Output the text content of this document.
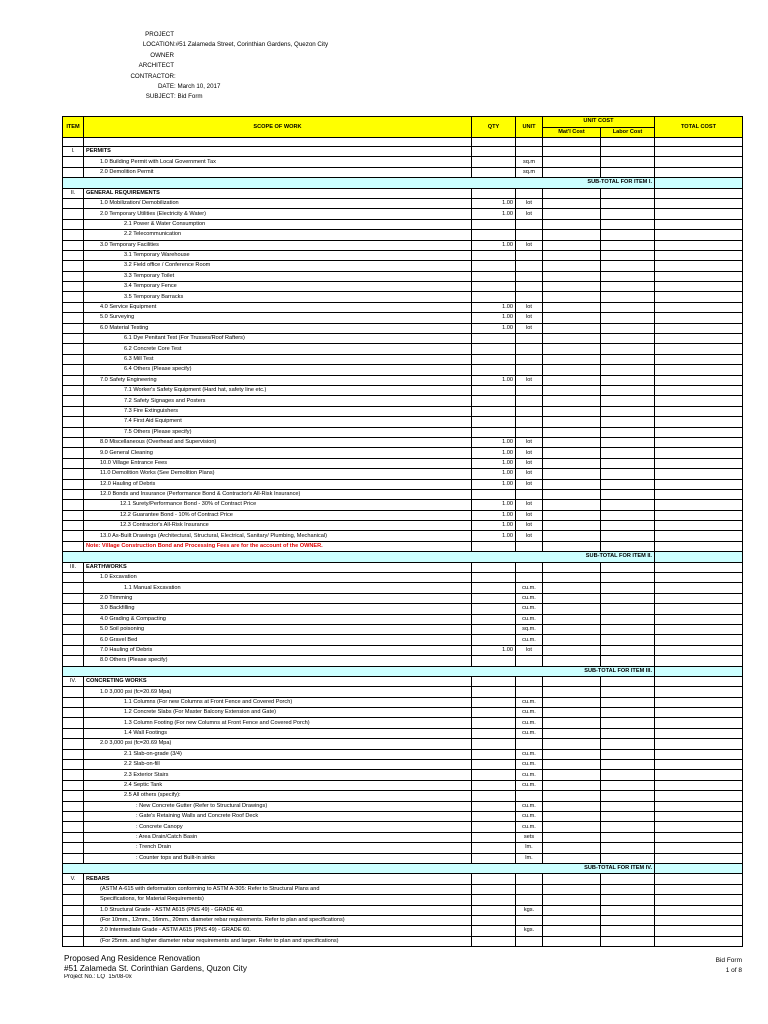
PROJECT
LOCATION :#51 Zalameda Street, Corinthian Gardens, Quezon City
OWNER
ARCHITECT
CONTRACTOR :
DATE : March 10, 2017
SUBJECT : Bid Form
ITEM	SCOPE OF WORK	QTY	UNIT	UNIT COST		TOTAL COST
				Mat'l Cost	Labor Cost	

I.	PERMITS					
	1.0 Building Permit with Local Government Tax		sq.m			
	2.0 Demolition Permit		sq.m			
SUB-TOTAL FOR ITEM I.						
II.	GENERAL REQUIREMENTS					
	1.0 Mobilization/ Demobilization	1.00	lot			
	2.0 Temporary Utilities (Electricity & Water)	1.00	lot			
	2.1 Power & Water Consumption					
	2.2 Telecommunication					
	3.0 Temporary Facilities	1.00	lot			
	3.1 Temporary Warehouse					
	3.2 Field office / Conference Room					
	3.3 Temporary Toilet					
	3.4 Temporary Fence					
	3.5 Temporary Barracks					
	4.0 Service Equipment	1.00	lot			
	5.0 Surveying	1.00	lot			
	6.0 Material Testing	1.00	lot			
	6.1 Dye Penitant Test (For Trusses/Roof Rafters)					
	6.2 Concrete Core Test					
	6.3 Mill Test					
	6.4 Others (Please specify)					
	7.0 Safety Engineering	1.00	lot			
	7.1 Worker's Safety Equipment (Hard hat, safety line etc.)					
	7.2 Safety Signages and Posters					
	7.3 Fire Extinguishers					
	7.4 First Aid Equipment					
	7.5 Others (Please specify)					
	8.0 Miscellaneous (Overhead and Supervision)	1.00	lot			
	9.0 General Cleaning	1.00	lot			
	10.0 Village Entrance Fees	1.00	lot			
	11.0 Demolition Works (See Demolition Plans)	1.00	lot			
	12.0 Hauling of Debris	1.00	lot			
	12.0 Bonds and Insurance (Performance Bond & Contractor's All-Risk Insurance)					
	12.1 Surety/Performance Bond - 30% of Contract Price	1.00	lot			
	12.2 Guarantee Bond - 10% of Contract Price	1.00	lot			
	12.3 Contractor's All-Risk Insurance	1.00	lot			
	13.0 As-Built Drawings (Architectural, Structural, Electrical, Sanitary/ Plumbing, Mechanical)	1.00	lot			
	Note: Village Construction Bond and Processing Fees are for the account of the OWNER.					
SUB-TOTAL FOR ITEM II.						
III.	EARTHWORKS					
	1.0 Excavation					
	1.1 Manual Excavation		cu.m.			
	2.0 Trimming		cu.m.			
	3.0 Backfilling		cu.m.			
	4.0 Grading & Compacting		cu.m.			
	5.0 Soil poisoning		sq.m.			
	6.0 Gravel Bed		cu.m.			
	7.0 Hauling of Debris	1.00	lot			
	8.0 Others (Please specify)					
SUB-TOTAL FOR ITEM III.						
IV.	CONCRETING WORKS					
	1.0 3,000 psi (fc=20.69 Mpa)					
	1.1 Columns (For new Columns at Front Fence and Covered Porch)		cu.m.			
	1.2 Concrete Slabs (For Master Balcony Extension and Gate)		cu.m.			
	1.3 Column Footing (For new Columns at Front Fence and Covered Porch)		cu.m.			
	1.4 Wall Footings		cu.m.			
	2.0 3,000 psi (fc=20.69 Mpa)					
	2.1 Slab-on-grade (3/4)		cu.m.			
	2.2 Slab-on-fill		cu.m.			
	2.3 Exterior Stairs		cu.m.			
	2.4 Septic Tank		cu.m.			
	2.5 All others (specify):					
	: New Concrete Gutter (Refer to Structural Drawings)		cu.m.			
	: Gate's Retaining Walls and Concrete Roof Deck		cu.m.			
	: Concrete Canopy		cu.m.			
	: Area Drain/Catch Basin		sets			
	: Trench Drain		lm.			
	: Counter tops and Built-in sinks		lm.			
SUB-TOTAL FOR ITEM IV.						
V.	REBARS					
	(ASTM A-615 with deformation conforming to ASTM A-305: Refer to Structural Plans and					
	Specifications, for Material Requirements)					
	1.0 Structural Grade - ASTM A615 (PNS 49) - GRADE 40.		kgs.			
	(For 10mm., 12mm., 16mm., 20mm. diameter rebar requirements. Refer to plan and specifications)					
	2.0 Intermediate Grade - ASTM A615 (PNS 49) - GRADE 60.		kgs.			
	(For 25mm. and higher diameter rebar requirements and larger. Refer to plan and specifications)					
Proposed Ang Residence Renovation
#51 Zalameda St. Corinthian Gardens, Quzon City
Project No.: LQ_15/08-0x
Bid Form
1 of 8
